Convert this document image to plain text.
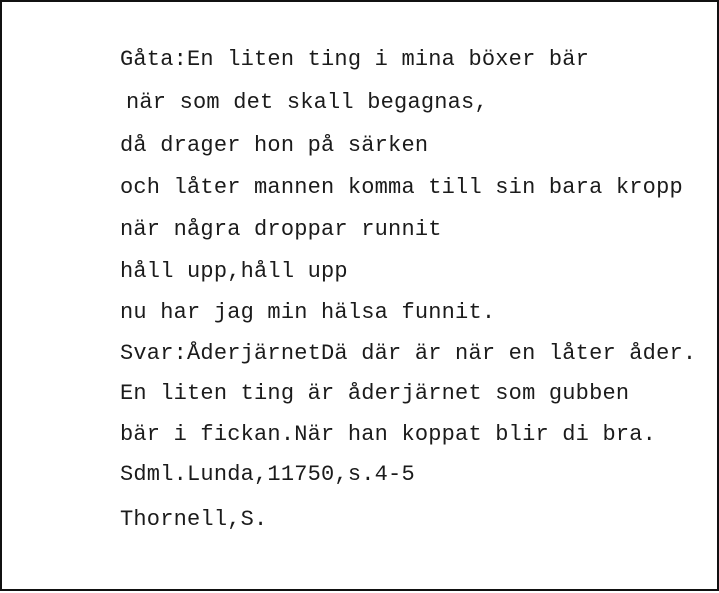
Gåta:En liten ting i mina böxer bär
när som det skall begagnas,
då drager hon på särken
och låter mannen komma till sin bara kropp
när några droppar runnit
håll upp,håll upp
nu har jag min hälsa funnit.
Svar:ÅderjärnetDä där är när en låter åder.
En liten ting är åderjärnet som gubben
bär i fickan.När han koppat blir di bra.
Sdml.Lunda,11750,s.4-5
Thornell,S.
